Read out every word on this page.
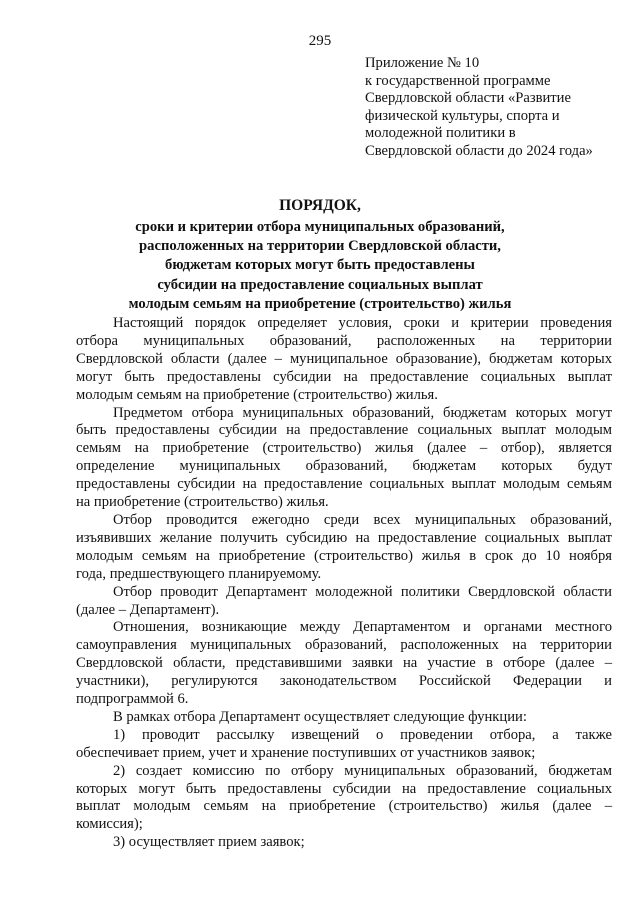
295
Приложение № 10
к государственной программе
Свердловской области «Развитие
физической культуры, спорта и
молодежной политики в
Свердловской области до 2024 года»
ПОРЯДОК,
сроки и критерии отбора муниципальных образований,
расположенных на территории Свердловской области,
бюджетам которых могут быть предоставлены
субсидии на предоставление социальных выплат
молодым семьям на приобретение (строительство) жилья
Настоящий порядок определяет условия, сроки и критерии проведения
отбора муниципальных образований, расположенных на территории
Свердловской области (далее – муниципальное образование), бюджетам которых
могут быть предоставлены субсидии на предоставление социальных выплат
молодым семьям на приобретение (строительство) жилья.
Предметом отбора муниципальных образований, бюджетам которых могут
быть предоставлены субсидии на предоставление социальных выплат молодым
семьям на приобретение (строительство) жилья (далее – отбор), является
определение муниципальных образований, бюджетам которых будут
предоставлены субсидии на предоставление социальных выплат молодым семьям
на приобретение (строительство) жилья.
Отбор проводится ежегодно среди всех муниципальных образований,
изъявивших желание получить субсидию на предоставление социальных выплат
молодым семьям на приобретение (строительство) жилья в срок до 10 ноября
года, предшествующего планируемому.
Отбор проводит Департамент молодежной политики Свердловской области
(далее – Департамент).
Отношения, возникающие между Департаментом и органами местного
самоуправления муниципальных образований, расположенных на территории
Свердловской области, представившими заявки на участие в отборе (далее –
участники), регулируются законодательством Российской Федерации и
подпрограммой 6.
В рамках отбора Департамент осуществляет следующие функции:
1) проводит рассылку извещений о проведении отбора, а также
обеспечивает прием, учет и хранение поступивших от участников заявок;
2) создает комиссию по отбору муниципальных образований, бюджетам
которых могут быть предоставлены субсидии на предоставление социальных
выплат молодым семьям на приобретение (строительство) жилья (далее –
комиссия);
3) осуществляет прием заявок;
